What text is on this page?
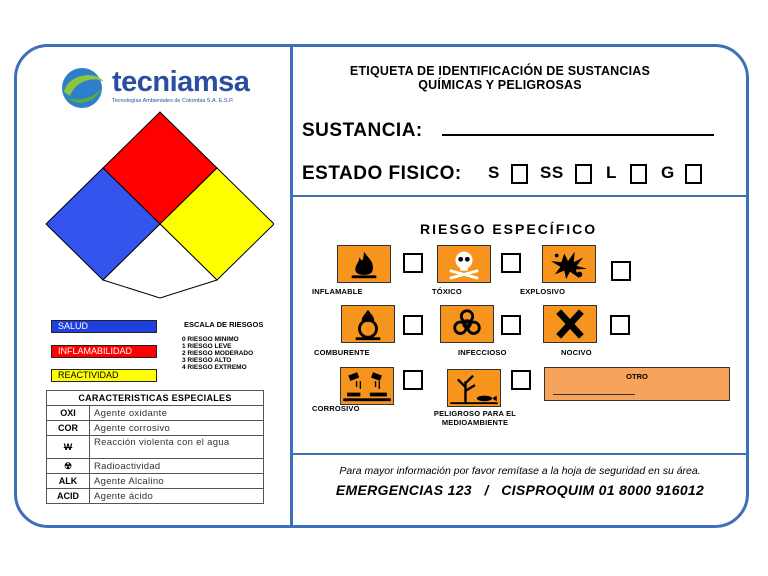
tecniamsa
Tecnologías Ambientales de Colombia S.A. E.S.P.
SALUD
INFLAMABILIDAD
REACTIVIDAD
ESCALA DE RIESGOS
0 RIESGO MINIMO
1 RIESGO LEVE
2 RIESGO MODERADO
3 RIESGO ALTO
4 RIESGO EXTREMO
CARACTERISTICAS ESPECIALES	
OXI	Agente oxidante
COR	Agente corrosivo
W	Reacción violenta con el agua
☢	Radioactividad
ALK	Agente Alcalino
ACID	Agente ácido
ETIQUETA DE IDENTIFICACIÓN DE SUSTANCIAS
QUÍMICAS Y PELIGROSAS
SUSTANCIA:
ESTADO FISICO: S SS L	G
RIESGO ESPECÍFICO
INFLAMABLE	TÓXICO	EXPLOSIVO
COMBURENTE	INFECCIOSO	NOCIVO
OTRO
CORROSIVO
PELIGROSO PARA EL MEDIOAMBIENTE
Para mayor información por favor remítase a la hoja de seguridad en su área.
EMERGENCIAS 123 / CISPROQUIM 01 8000 916012
